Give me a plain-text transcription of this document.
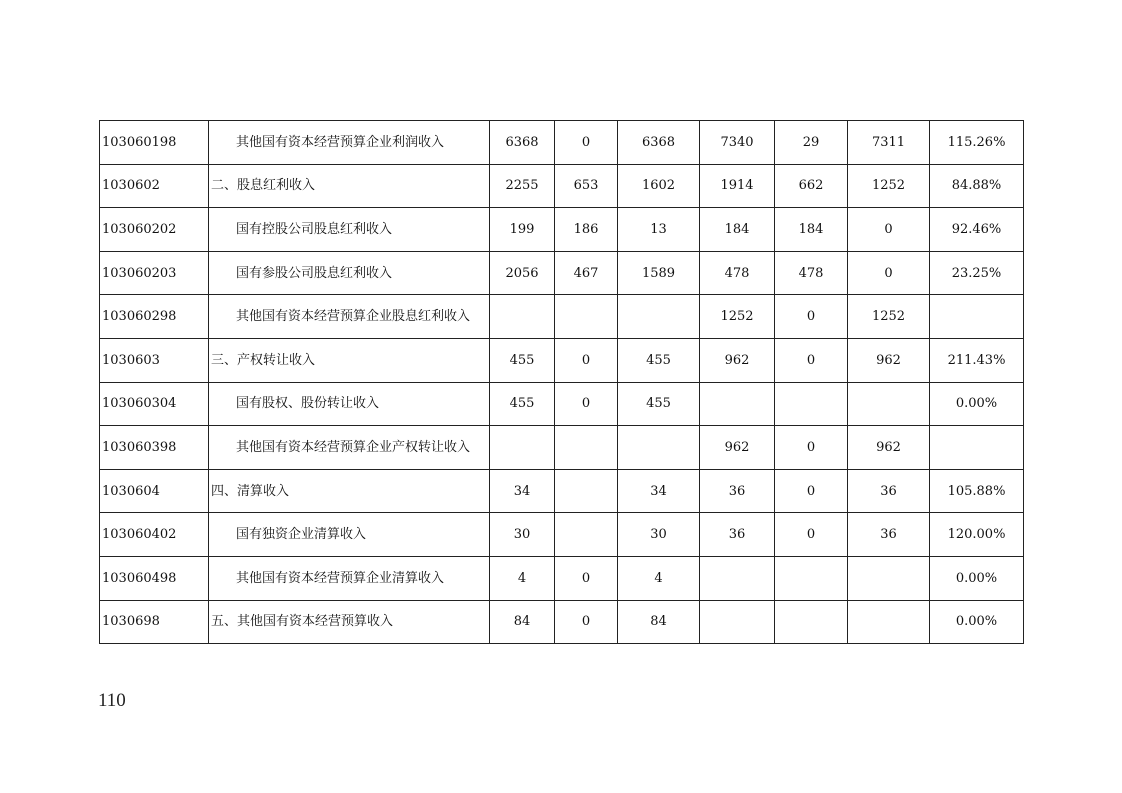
103060198	其他国有资本经营预算企业利润收入	6368	0	6368	7340	29	7311	115.26%
1030602	二、股息红利收入	2255	653	1602	1914	662	1252	84.88%
103060202	国有控股公司股息红利收入	199	186	13	184	184	0	92.46%
103060203	国有参股公司股息红利收入	2056	467	1589	478	478	0	23.25%
103060298	其他国有资本经营预算企业股息红利收入				1252	0	1252	
1030603	三、产权转让收入	455	0	455	962	0	962	211.43%
103060304	国有股权、股份转让收入	455	0	455				0.00%
103060398	其他国有资本经营预算企业产权转让收入				962	0	962	
1030604	四、清算收入	34		34	36	0	36	105.88%
103060402	国有独资企业清算收入	30		30	36	0	36	120.00%
103060498	其他国有资本经营预算企业清算收入	4	0	4				0.00%
1030698	五、其他国有资本经营预算收入	84	0	84				0.00%
110
